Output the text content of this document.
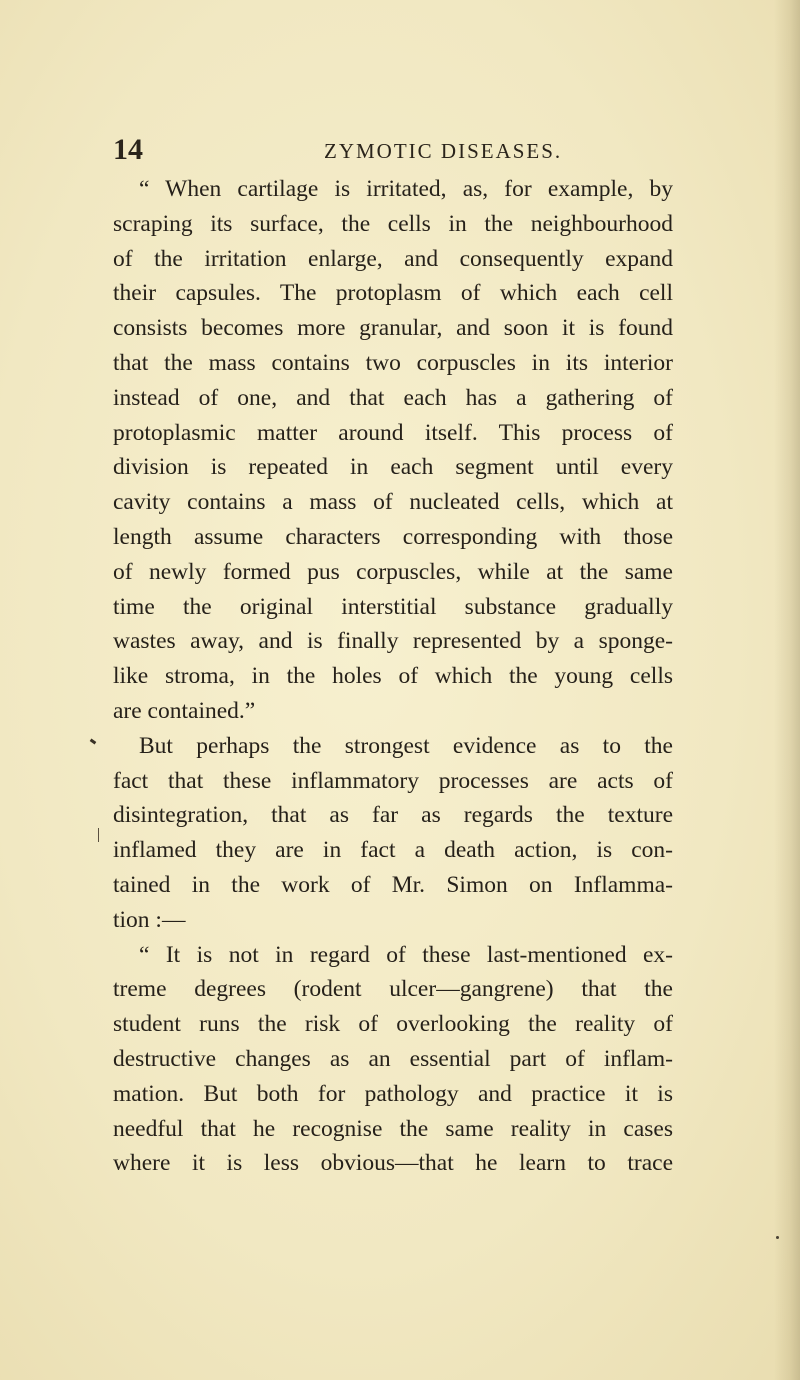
14	ZYMOTIC DISEASES.
“ When cartilage is irritated, as, for example, by
scraping its surface, the cells in the neighbourhood
of the irritation enlarge, and consequently expand
their capsules. The protoplasm of which each cell
consists becomes more granular, and soon it is found
that the mass contains two corpuscles in its interior
instead of one, and that each has a gathering of
protoplasmic matter around itself. This process of
division is repeated in each segment until every
cavity contains a mass of nucleated cells, which at
length assume characters corresponding with those
of newly formed pus corpuscles, while at the same
time the original interstitial substance gradually
wastes away, and is finally represented by a sponge-
like stroma, in the holes of which the young cells
are contained.”
But perhaps the strongest evidence as to the
fact that these inflammatory processes are acts of
disintegration, that as far as regards the texture
inflamed they are in fact a death action, is con-
tained in the work of Mr. Simon on Inflamma-
tion :—
“ It is not in regard of these last-mentioned ex-
treme degrees (rodent ulcer—gangrene) that the
student runs the risk of overlooking the reality of
destructive changes as an essential part of inflam-
mation. But both for pathology and practice it is
needful that he recognise the same reality in cases
where it is less obvious—that he learn to trace
